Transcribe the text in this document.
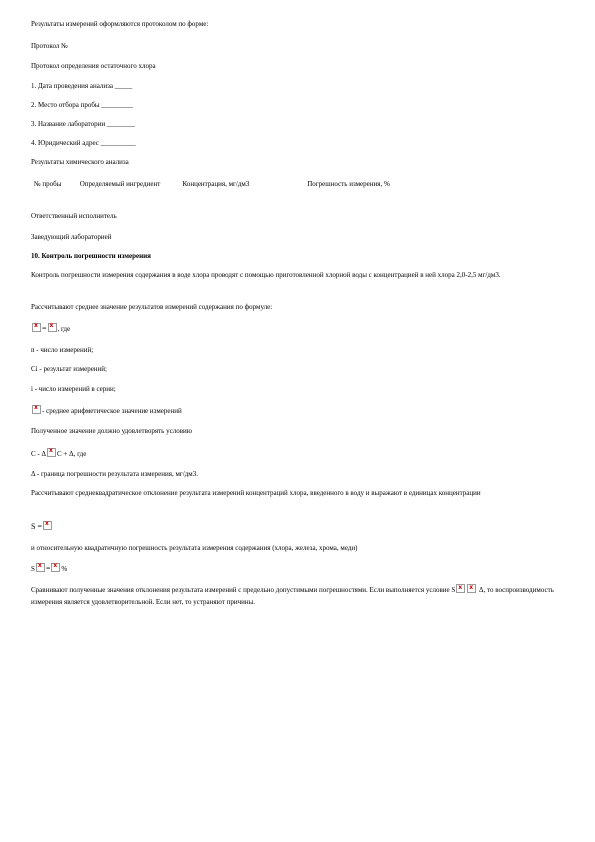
Результаты измерений оформляются протоколом по форме:
Протокол №
Протокол определения остаточного хлора
1. Дата проведения анализа _____
2. Место отбора пробы _________
3. Название лаборатории ________
4. Юридический адрес __________
Результаты химического анализа
№ пробы	Определяемый ингредиент	Концентрация, мг/дм3	Погрешность измерения, %
Ответственный исполнитель
Заведующий лабораторией
10. Контроль погрешности измерения
Контроль погрешности измерения содержания в воде хлора проводят с помощью приготовленной хлорной воды с концентрацией в ней хлора 2,0-2,5 мг/дм3.
Рассчитывают среднее значение результатов измерений содержания по формуле:
x= x , где
n - число измерений;
Ci - результат измерений;
i - число измерений в серии;
x- среднее арифметическое значение измерений
Полученное значение должно удовлетворять условию
C - Δ x C + Δ, где
Δ - граница погрешности результата измерения, мг/дм3.
Рассчитывают среднеквадратическое отклонение результата измерений концентраций хлора, введенного в воду и выражают в единицах концентрации
S =x
и относительную квадратичную погрешность результата измерения содержания (хлора, железа, хрома, меди)
S x = x %
Сравнивают полученные значения отклонения результата измерений с предельно допустимыми погрешностями. Если выполняется условие S x x	Δ, то воспроизводимость измерения является удовлетворительной. Если нет, то устраняют причины.
